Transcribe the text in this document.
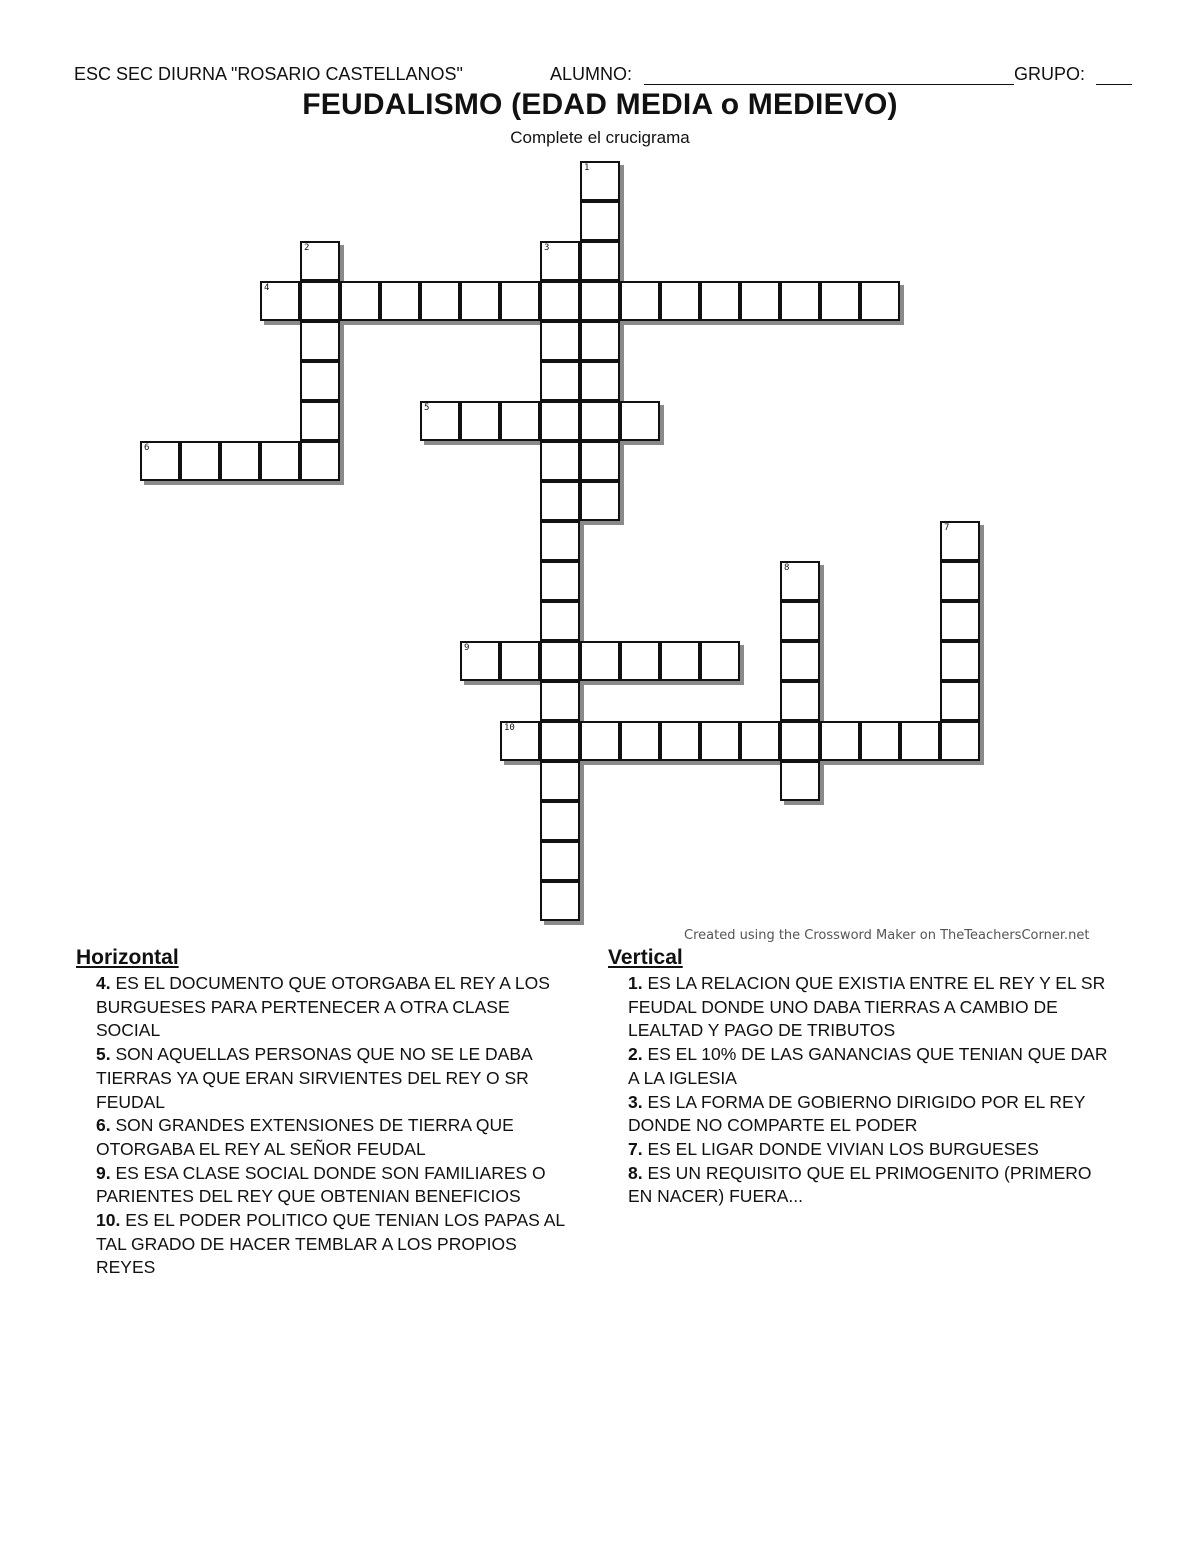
ESC SEC DIURNA "ROSARIO CASTELLANOS"	ALUMNO:	GRUPO:
FEUDALISMO (EDAD MEDIA o MEDIEVO)
Complete el crucigrama
1
2	3
4
5
6
7
8
9
10
Created using the Crossword Maker on TheTeachersCorner.net
Horizontal
4. ES EL DOCUMENTO QUE OTORGABA EL REY A LOS BURGUESES PARA PERTENECER A OTRA CLASE SOCIAL
5. SON AQUELLAS PERSONAS QUE NO SE LE DABA TIERRAS YA QUE ERAN SIRVIENTES DEL REY O SR FEUDAL
6. SON GRANDES EXTENSIONES DE TIERRA QUE OTORGABA EL REY AL SEÑOR FEUDAL
9. ES ESA CLASE SOCIAL DONDE SON FAMILIARES O PARIENTES DEL REY QUE OBTENIAN BENEFICIOS
10. ES EL PODER POLITICO QUE TENIAN LOS PAPAS AL TAL GRADO DE HACER TEMBLAR A LOS PROPIOS REYES
Vertical
1. ES LA RELACION QUE EXISTIA ENTRE EL REY Y EL SR FEUDAL DONDE UNO DABA TIERRAS A CAMBIO DE LEALTAD Y PAGO DE TRIBUTOS
2. ES EL 10% DE LAS GANANCIAS QUE TENIAN QUE DAR A LA IGLESIA
3. ES LA FORMA DE GOBIERNO DIRIGIDO POR EL REY DONDE NO COMPARTE EL PODER
7. ES EL LIGAR DONDE VIVIAN LOS BURGUESES
8. ES UN REQUISITO QUE EL PRIMOGENITO (PRIMERO EN NACER) FUERA...
